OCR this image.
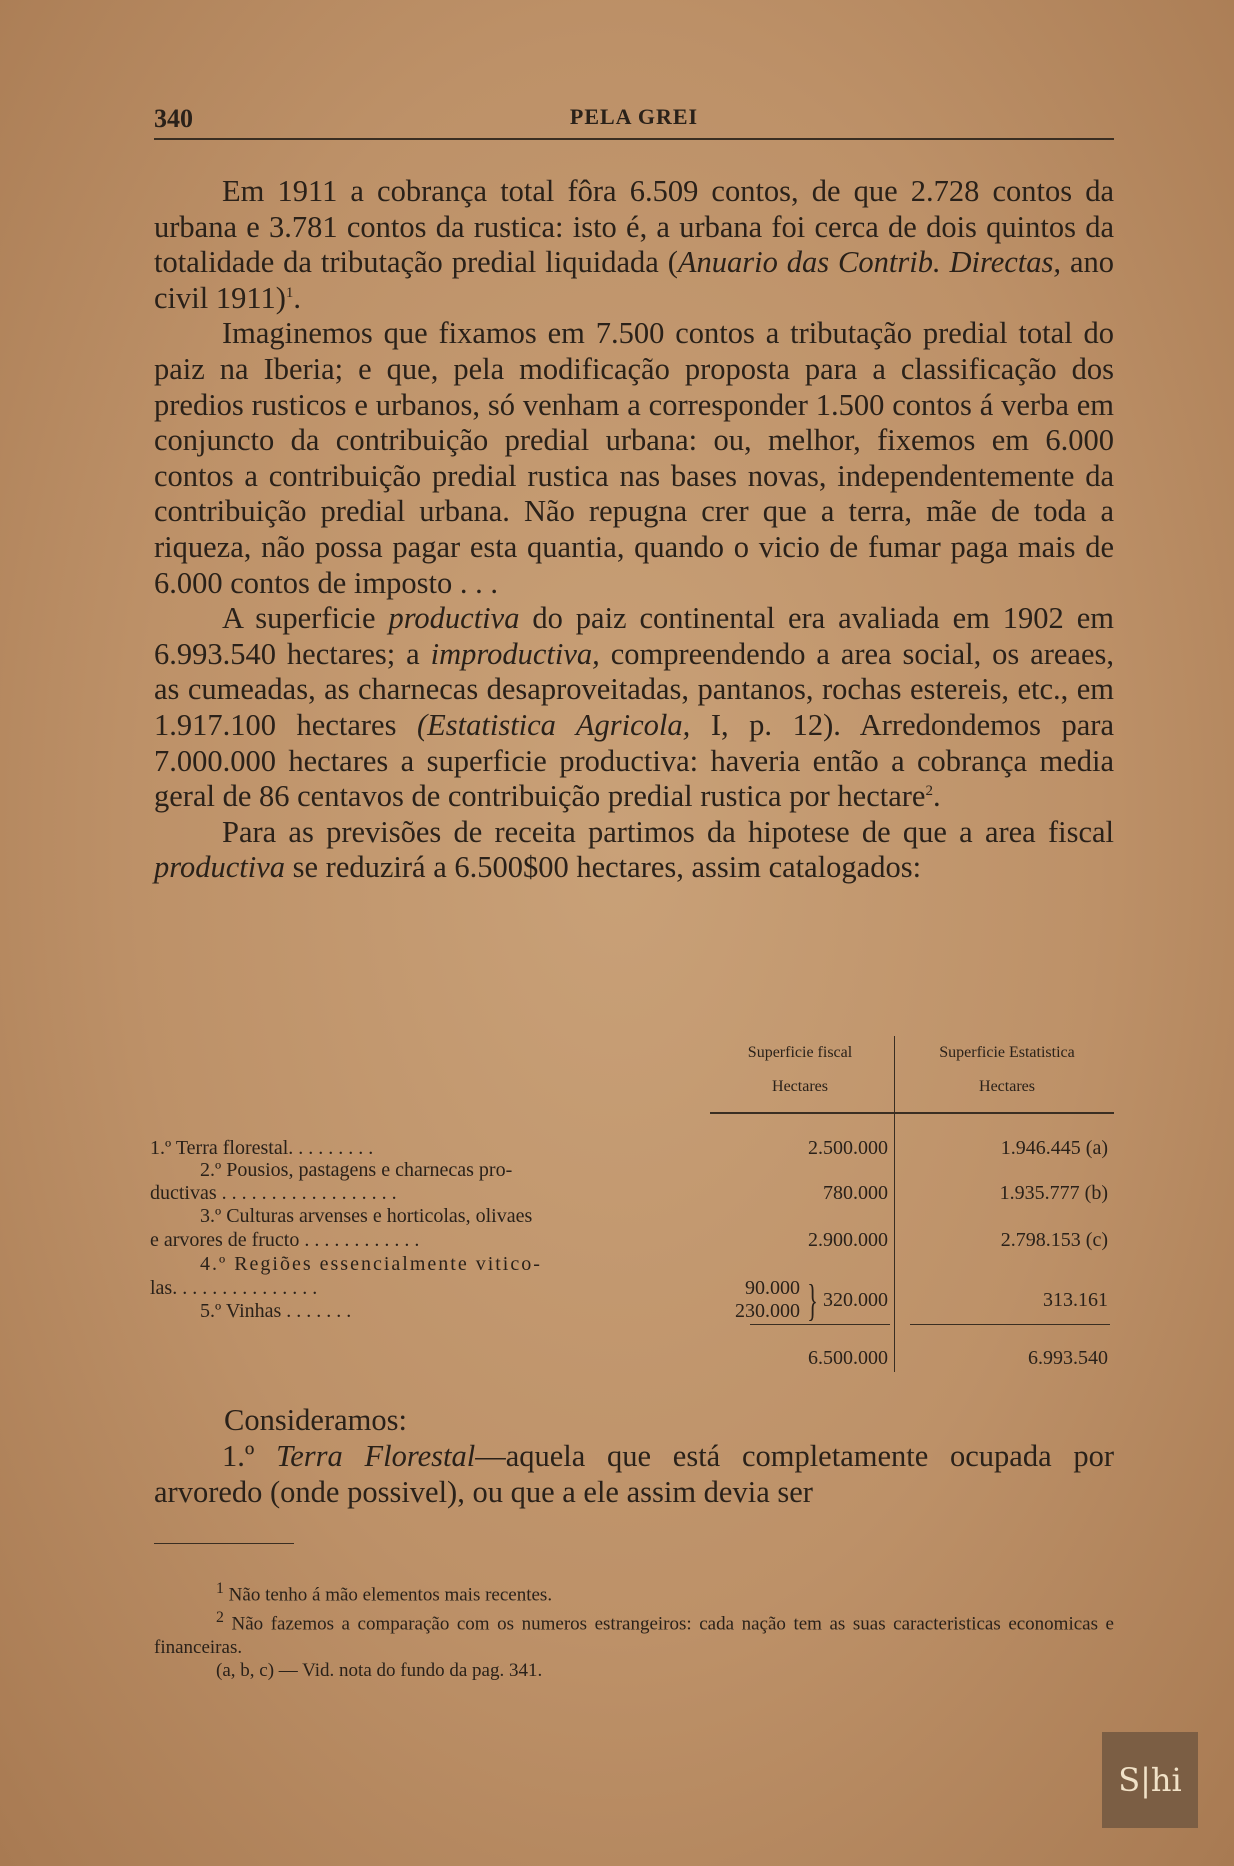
340	PELA GREI

Em 1911 a cobrança total fôra 6.509 contos, de que 2.728 contos da urbana e 3.781 contos da rustica: isto é, a urbana foi cerca de dois quintos da totalidade da tributação predial liquidada (Anuario das Contrib. Directas, ano civil 1911)$^1$.

Imaginemos que fixamos em 7.500 contos a tributação predial total do paiz na Iberia; e que, pela modificação proposta para a classificação dos predios rusticos e urbanos, só venham a corresponder 1.500 contos á verba em conjuncto da contribuição predial urbana: ou, melhor, fixemos em 6.000 contos a contribuição predial rustica nas bases novas, independentemente da contribuição predial urbana. Não repugna crer que a terra, mãe de toda a riqueza, não possa pagar esta quantia, quando o vicio de fumar paga mais de 6.000 contos de imposto . . .

A superficie productiva do paiz continental era avaliada em 1902 em 6.993.540 hectares; a improductiva, compreendendo a area social, os areaes, as cumeadas, as charnecas desaproveitadas, pantanos, rochas estereis, etc., em 1.917.100 hectares (Estatistica Agricola, I, p. 12). Arredondemos para 7.000.000 hectares a superficie productiva: haveria então a cobrança media geral de 86 centavos de contribuição predial rustica por hectare$^2$.

Para as previsões de receita partimos da hipotese de que a area fiscal productiva se reduzirá a 6.500$00 hectares, assim catalogados:

Superficie fiscal
Hectares
Superficie Estatistica
Hectares
1.º Terra florestal. . . . . . . . .	2.500.000	1.946.445 (a)
2.º Pousios, pastagens e charnecas pro-
ductivas . . . . . . . . . . . . . . . . . .	780.000	1.935.777 (b)
3.º Culturas arvenses e horticolas, olivaes
e arvores de fructo . . . . . . . . . . . .	2.900.000	2.798.153 (c)
4.º Regiões essencialmente vitico-
las. . . . . . . . . . . . . . .	90.000
5.º Vinhas . . . . . . .	230.000 } 320.000	313.161
6.500.000	6.993.540
Consideramos:

1.º Terra Florestal—aquela que está completamente ocupada por arvoredo (onde possivel), ou que a ele assim devia ser

$^1$ Não tenho á mão elementos mais recentes.

$^2$ Não fazemos a comparação com os numeros estrangeiros: cada nação tem as suas caracteristicas economicas e financeiras.

(a, b, c) — Vid. nota do fundo da pag. 341.

S|hi
